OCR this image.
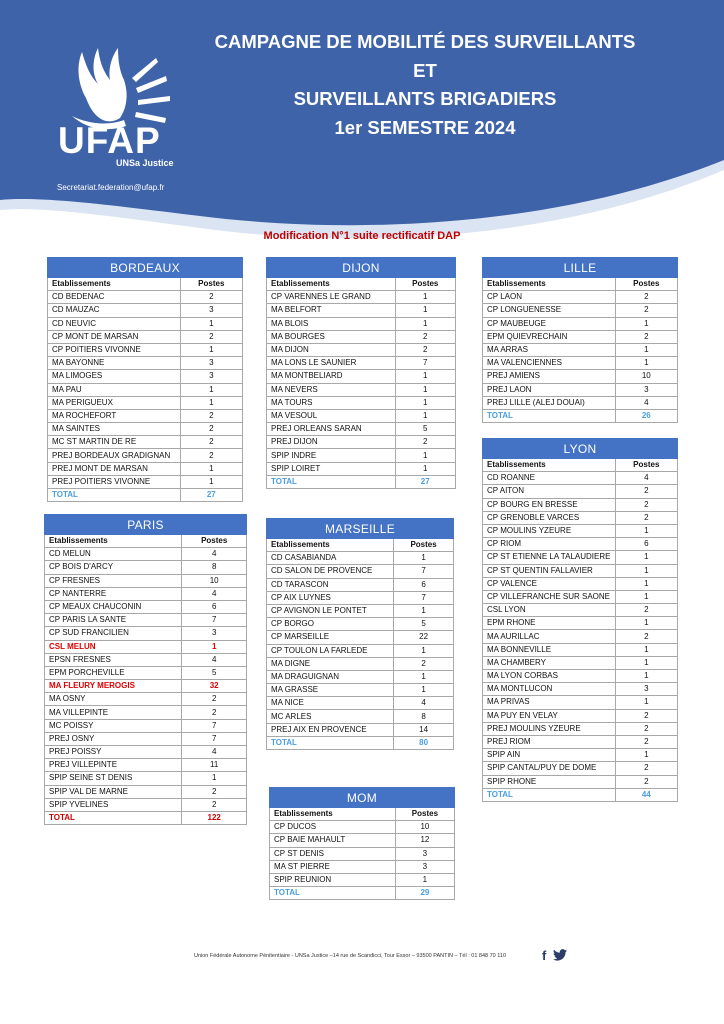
UFAP
UNSa Justice
Secretariat.federation@ufap.fr
CAMPAGNE DE MOBILITÉ DES SURVEILLANTS
ET
SURVEILLANTS BRIGADIERS
1er SEMESTRE 2024
Modification N°1 suite rectificatif DAP
BORDEAUX	
Etablissements	Postes
CD BEDENAC	2
CD MAUZAC	3
CD NEUVIC	1
CP MONT DE MARSAN	2
CP POITIERS VIVONNE	1
MA BAYONNE	3
MA LIMOGES	3
MA PAU	1
MA PERIGUEUX	1
MA ROCHEFORT	2
MA SAINTES	2
MC ST MARTIN DE RE	2
PREJ BORDEAUX GRADIGNAN	2
PREJ MONT DE MARSAN	1
PREJ POITIERS VIVONNE	1
TOTAL	27
DIJON	
Etablissements	Postes
CP VARENNES LE GRAND	1
MA BELFORT	1
MA BLOIS	1
MA BOURGES	2
MA DIJON	2
MA LONS LE SAUNIER	7
MA MONTBELIARD	1
MA NEVERS	1
MA TOURS	1
MA VESOUL	1
PREJ ORLEANS SARAN	5
PREJ DIJON	2
SPIP INDRE	1
SPIP LOIRET	1
TOTAL	27
LILLE	
Etablissements	Postes
CP LAON	2
CP LONGUENESSE	2
CP MAUBEUGE	1
EPM QUIEVRECHAIN	2
MA ARRAS	1
MA VALENCIENNES	1
PREJ AMIENS	10
PREJ LAON	3
PREJ LILLE (ALEJ DOUAI)	4
TOTAL	26
PARIS	
Etablissements	Postes
CD MELUN	4
CP BOIS D'ARCY	8
CP FRESNES	10
CP NANTERRE	4
CP MEAUX CHAUCONIN	6
CP PARIS LA SANTE	7
CP SUD FRANCILIEN	3
CSL MELUN	1
EPSN FRESNES	4
EPM PORCHEVILLE	5
MA FLEURY MEROGIS	32
MA OSNY	2
MA VILLEPINTE	2
MC POISSY	7
PREJ OSNY	7
PREJ POISSY	4
PREJ VILLEPINTE	11
SPIP SEINE ST DENIS	1
SPIP VAL DE MARNE	2
SPIP YVELINES	2
TOTAL	122
MARSEILLE	
Etablissements	Postes
CD CASABIANDA	1
CD SALON DE PROVENCE	7
CD TARASCON	6
CP AIX LUYNES	7
CP AVIGNON LE PONTET	1
CP BORGO	5
CP MARSEILLE	22
CP TOULON LA FARLEDE	1
MA DIGNE	2
MA DRAGUIGNAN	1
MA GRASSE	1
MA NICE	4
MC ARLES	8
PREJ AIX EN PROVENCE	14
TOTAL	80
LYON	
Etablissements	Postes
CD ROANNE	4
CP AITON	2
CP BOURG EN BRESSE	2
CP GRENOBLE VARCES	2
CP MOULINS YZEURE	1
CP RIOM	6
CP ST ETIENNE LA TALAUDIERE	1
CP ST QUENTIN FALLAVIER	1
CP VALENCE	1
CP VILLEFRANCHE SUR SAONE	1
CSL LYON	2
EPM RHONE	1
MA AURILLAC	2
MA BONNEVILLE	1
MA CHAMBERY	1
MA LYON CORBAS	1
MA MONTLUCON	3
MA PRIVAS	1
MA PUY EN VELAY	2
PREJ MOULINS YZEURE	2
PREJ RIOM	2
SPIP AIN	1
SPIP CANTAL/PUY DE DOME	2
SPIP RHONE	2
TOTAL	44
MOM	
Etablissements	Postes
CP DUCOS	10
CP BAIE MAHAULT	12
CP ST DENIS	3
MA ST PIERRE	3
SPIP REUNION	1
TOTAL	29
Union Fédérale Autonome Pénitentiaire - UNSa Justice –14 rue de Scandicci, Tour Essor – 93500 PANTIN – Tél : 01 848 70 110	f
